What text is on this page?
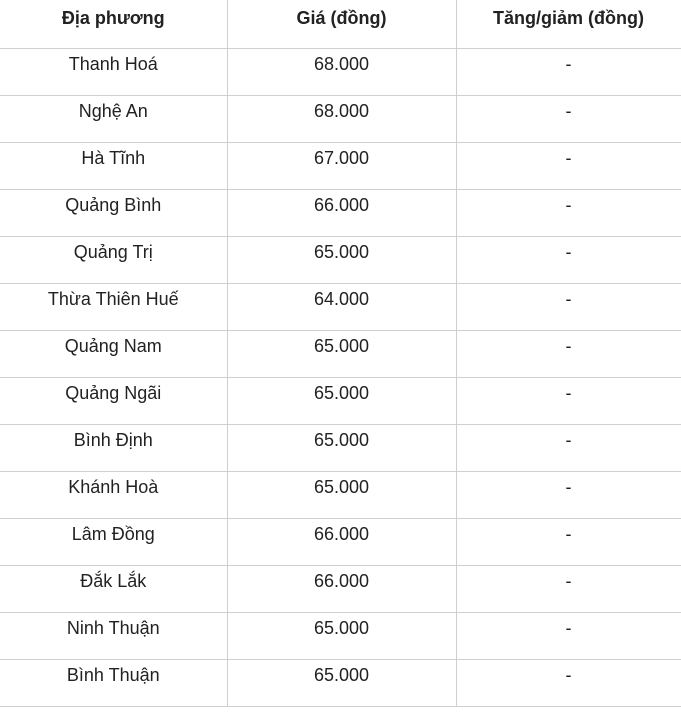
Địa phương	Giá (đồng)	Tăng/giảm (đồng)
Thanh Hoá	68.000	-
Nghệ An	68.000	-
Hà Tĩnh	67.000	-
Quảng Bình	66.000	-
Quảng Trị	65.000	-
Thừa Thiên Huế	64.000	-
Quảng Nam	65.000	-
Quảng Ngãi	65.000	-
Bình Định	65.000	-
Khánh Hoà	65.000	-
Lâm Đồng	66.000	-
Đắk Lắk	66.000	-
Ninh Thuận	65.000	-
Bình Thuận	65.000	-
